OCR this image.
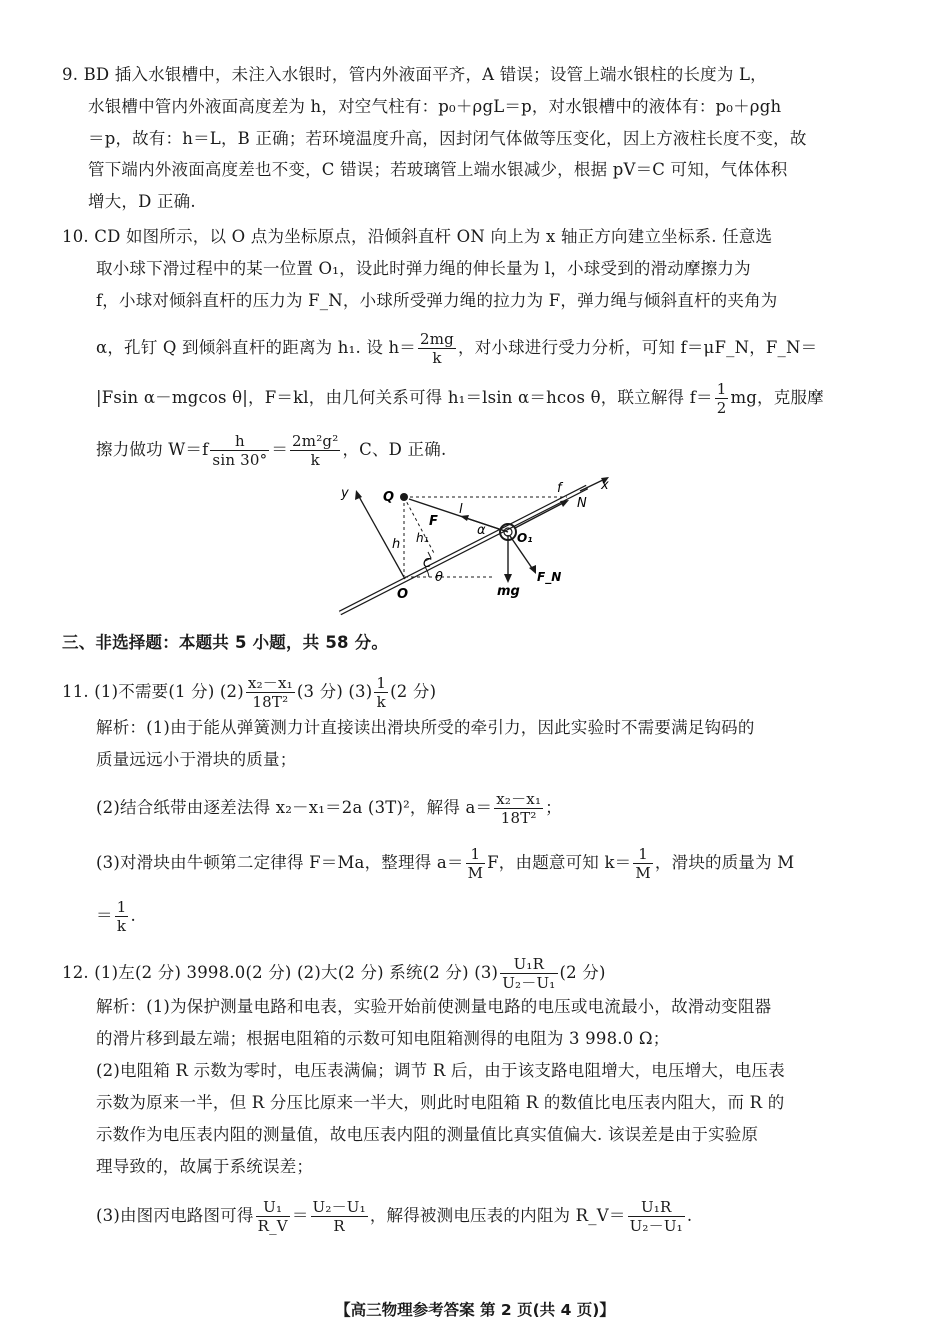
9. BD 插入水银槽中，未注入水银时，管内外液面平齐，A 错误；设管上端水银柱的长度为 L，
水银槽中管内外液面高度差为 h，对空气柱有：p₀＋ρgL＝p，对水银槽中的液体有：p₀＋ρgh
＝p，故有：h＝L，B 正确；若环境温度升高，因封闭气体做等压变化，因上方液柱长度不变，故
管下端内外液面高度差也不变，C 错误；若玻璃管上端水银减少，根据 pV＝C 可知，气体体积
增大，D 正确.
10. CD 如图所示，以 O 点为坐标原点，沿倾斜直杆 ON 向上为 x 轴正方向建立坐标系. 任意选
取小球下滑过程中的某一位置 O₁，设此时弹力绳的伸长量为 l，小球受到的滑动摩擦力为
f，小球对倾斜直杆的压力为 F_N，小球所受弹力绳的拉力为 F，弹力绳与倾斜直杆的夹角为
α，孔钉 Q 到倾斜直杆的距离为 h₁. 设 $h= \frac{2mg}{k}$ ，对小球进行受力分析，可知 f＝μF_N，F_N＝
|Fsin α－mgcos θ|，F＝kl，由几何关系可得 h₁＝lsin α＝hcos θ，联立解得 $f= \frac{1}{2}$ mg，克服摩
擦力做功 $W=f \frac{h}{\sin 30^\circ} = \frac{\text{2m²g²}}{k}$ ，C、D 正确.
y	Q
f	x
N
l
F
α	O₁
h₁
h
C
θ
mg
F_N
O
三、非选择题：本题共 5 小题，共 58 分。
11. (1)不需要(1 分) $(2) \frac{\text{x₂－x₁}}{\text{18T²}} (3$ 分) $(3) \frac{1}{k} (2$ 分)
解析：(1)由于能从弹簧测力计直接读出滑块所受的牵引力，因此实验时不需要满足钩码的
质量远远小于滑块的质量；
(2)结合纸带由逐差法得 x₂－x₁＝2a (3T)²，解得 $a= \frac{\text{x₂－x₁}}{\text{18T²}}$ ；
(3)对滑块由牛顿第二定律得 F＝Ma，整理得 $a= \frac{1}{M}$ F，由题意可知 $k= \frac{1}{M}$ ，滑块的质量为 M
＝ $\frac{1}{k}$ .
12. (1)左(2 分) 3998.0(2 分) (2)大(2 分) 系统(2 分) $(3) \frac{\text{U₁R}}{\text{U₂－U₁}} (2$ 分)
解析：(1)为保护测量电路和电表，实验开始前使测量电路的电压或电流最小，故滑动变阻器
的滑片移到最左端；根据电阻箱的示数可知电阻箱测得的电阻为 3 998.0 Ω；
(2)电阻箱 R 示数为零时，电压表满偏；调节 R 后，由于该支路电阻增大，电压增大，电压表
示数为原来一半，但 R 分压比原来一半大，则此时电阻箱 R 的数值比电压表内阻大，而 R 的
示数作为电压表内阻的测量值，故电压表内阻的测量值比真实值偏大. 该误差是由于实验原
理导致的，故属于系统误差；
(3)由图丙电路图可得 $\frac{\text{U₁}}{R\_V} = \frac{\text{U₂－U₁}}{R}$ ，解得被测电压表的内阻为 R_V＝ $\frac{\text{U₁R}}{\text{U₂－U₁}}$ .
【高三物理参考答案 第 2 页(共 4 页)】
